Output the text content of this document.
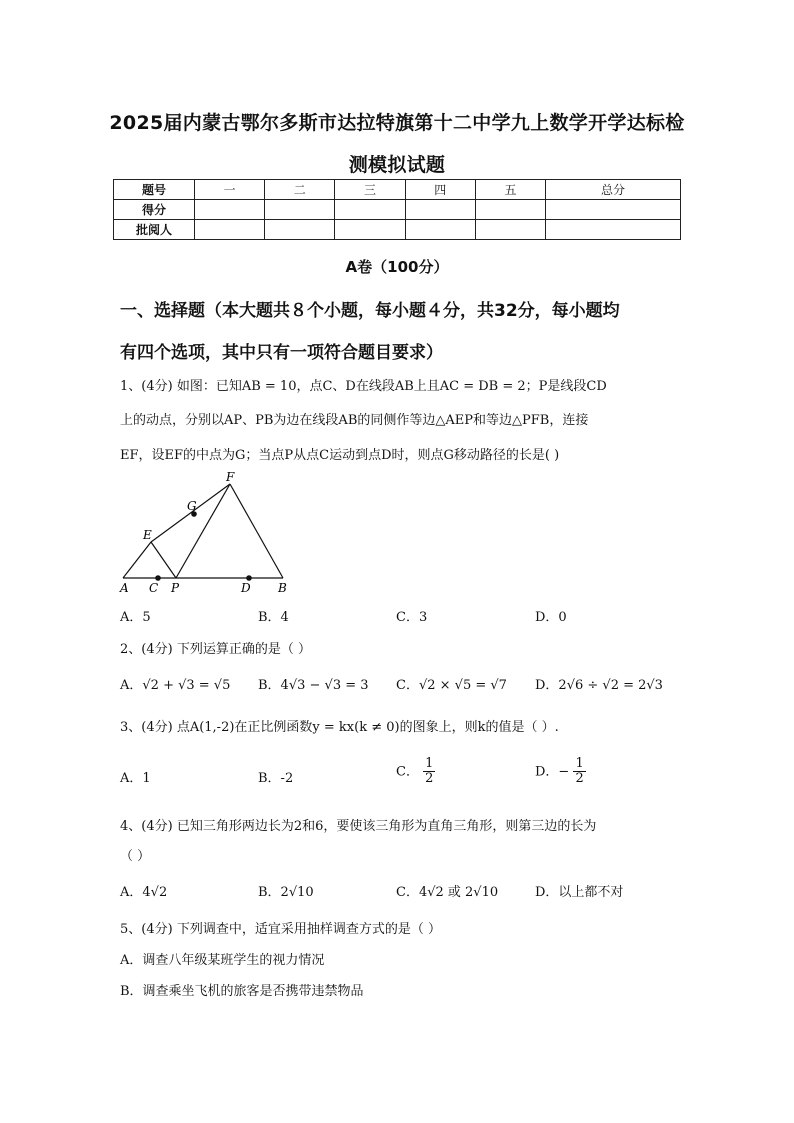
2025届内蒙古鄂尔多斯市达拉特旗第十二中学九上数学开学达标检
测模拟试题
题号	一	二	三	四	五	总分
得分						
批阅人						
A卷（100分）
一、选择题（本大题共８个小题，每小题４分，共32分，每小题均
有四个选项，其中只有一项符合题目要求）
1、(4分) 如图：已知AB = 10，点C、D在线段AB上且AC = DB = 2；P是线段CD
上的动点，分别以AP、PB为边在线段AB的同侧作等边△AEP和等边△PFB，连接
EF，设EF的中点为G；当点P从点C运动到点D时，则点G移动路径的长是( )
A C P	D B
E
G
F
A．5	B．4	C．3	D．0
2、(4分) 下列运算正确的是（ ）
A．√2 + √3 = √5 B．4√3 − √3 = 3 C．√2 × √5 = √7 D．2√6 ÷ √2 = 2√3
3、(4分) 点A(1,-2)在正比例函数y = kx(k ≠ 0)的图象上，则k的值是（ ）.
A．1	B．-2	C． $\frac{1}{2}$	D．− $\frac{1}{2}$
4、(4分) 已知三角形两边长为2和6，要使该三角形为直角三角形，则第三边的长为
（ ）
A．4√2	B．2√10	C．4√2 或 2√10	D．以上都不对
5、(4分) 下列调查中，适宜采用抽样调查方式的是（ ）
A．调查八年级某班学生的视力情况
B．调查乘坐飞机的旅客是否携带违禁物品
